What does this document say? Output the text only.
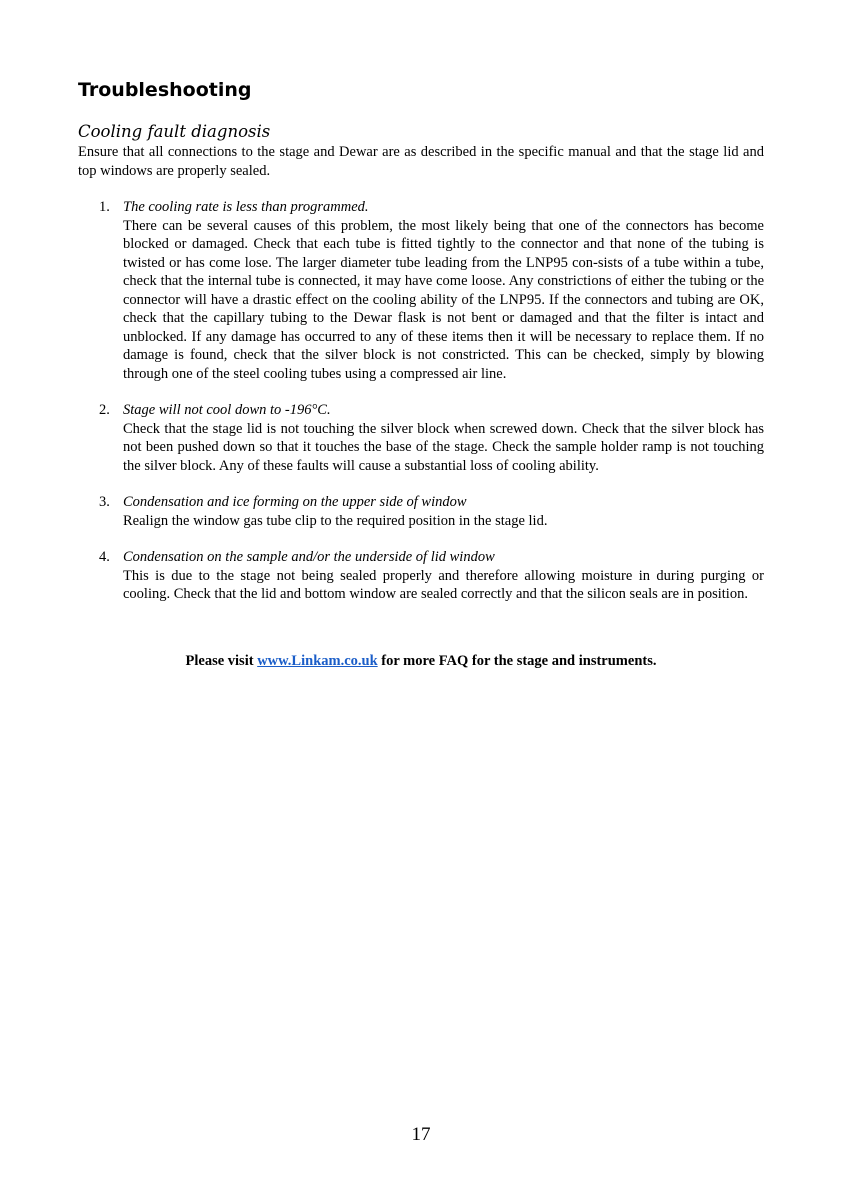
Troubleshooting
Cooling fault diagnosis

Ensure that all connections to the stage and Dewar are as described in the specific manual and that the stage lid and top windows are properly sealed.

1. The cooling rate is less than programmed.
There can be several causes of this problem, the most likely being that one of the connectors has become blocked or damaged. Check that each tube is fitted tightly to the connector and that none of the tubing is twisted or has come lose. The larger diameter tube leading from the LNP95 con-sists of a tube within a tube, check that the internal tube is connected, it may have come loose. Any constrictions of either the tubing or the connector will have a drastic effect on the cooling ability of the LNP95. If the connectors and tubing are OK, check that the capillary tubing to the Dewar flask is not bent or damaged and that the filter is intact and unblocked. If any damage has occurred to any of these items then it will be necessary to replace them. If no damage is found, check that the silver block is not constricted. This can be checked, simply by blowing through one of the steel cooling tubes using a compressed air line.
2. Stage will not cool down to -196°C.
Check that the stage lid is not touching the silver block when screwed down. Check that the silver block has not been pushed down so that it touches the base of the stage. Check the sample holder ramp is not touching the silver block. Any of these faults will cause a substantial loss of cooling ability.
3. Condensation and ice forming on the upper side of window
Realign the window gas tube clip to the required position in the stage lid.
4. Condensation on the sample and/or the underside of lid window
This is due to the stage not being sealed properly and therefore allowing moisture in during purging or cooling. Check that the lid and bottom window are sealed correctly and that the silicon seals are in position.

Please visit www.Linkam.co.uk for more FAQ for the stage and instruments.

17
